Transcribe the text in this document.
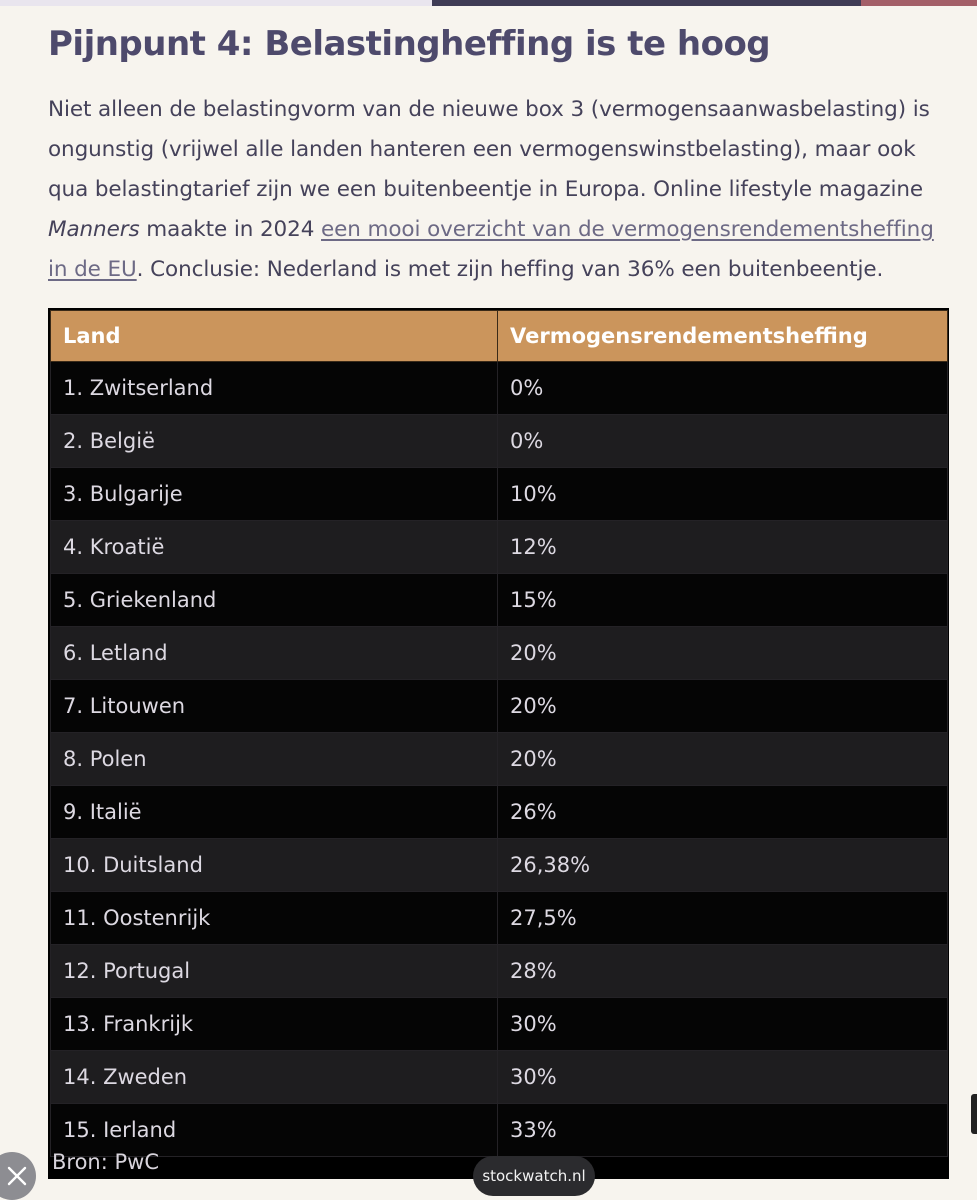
Pijnpunt 4: Belastingheffing is te hoog

Niet alleen de belastingvorm van de nieuwe box 3 (vermogensaanwasbelasting) is ongunstig (vrijwel alle landen hanteren een vermogenswinstbelasting), maar ook qua belastingtarief zijn we een buitenbeentje in Europa. Online lifestyle magazine Manners maakte in 2024 een mooi overzicht van de vermogensrendementsheffing in de EU. Conclusie: Nederland is met zijn heffing van 36% een buitenbeentje.

Land	Vermogensrendementsheffing
1. Zwitserland	0%
2. België	0%
3. Bulgarije	10%
4. Kroatië	12%
5. Griekenland	15%
6. Letland	20%
7. Litouwen	20%
8. Polen	20%
9. Italië	26%
10. Duitsland	26,38%
11. Oostenrijk	27,5%
12. Portugal	28%
13. Frankrijk	30%
14. Zweden	30%
15. Ierland	33%
Bron: PwC
stockwatch.nl
